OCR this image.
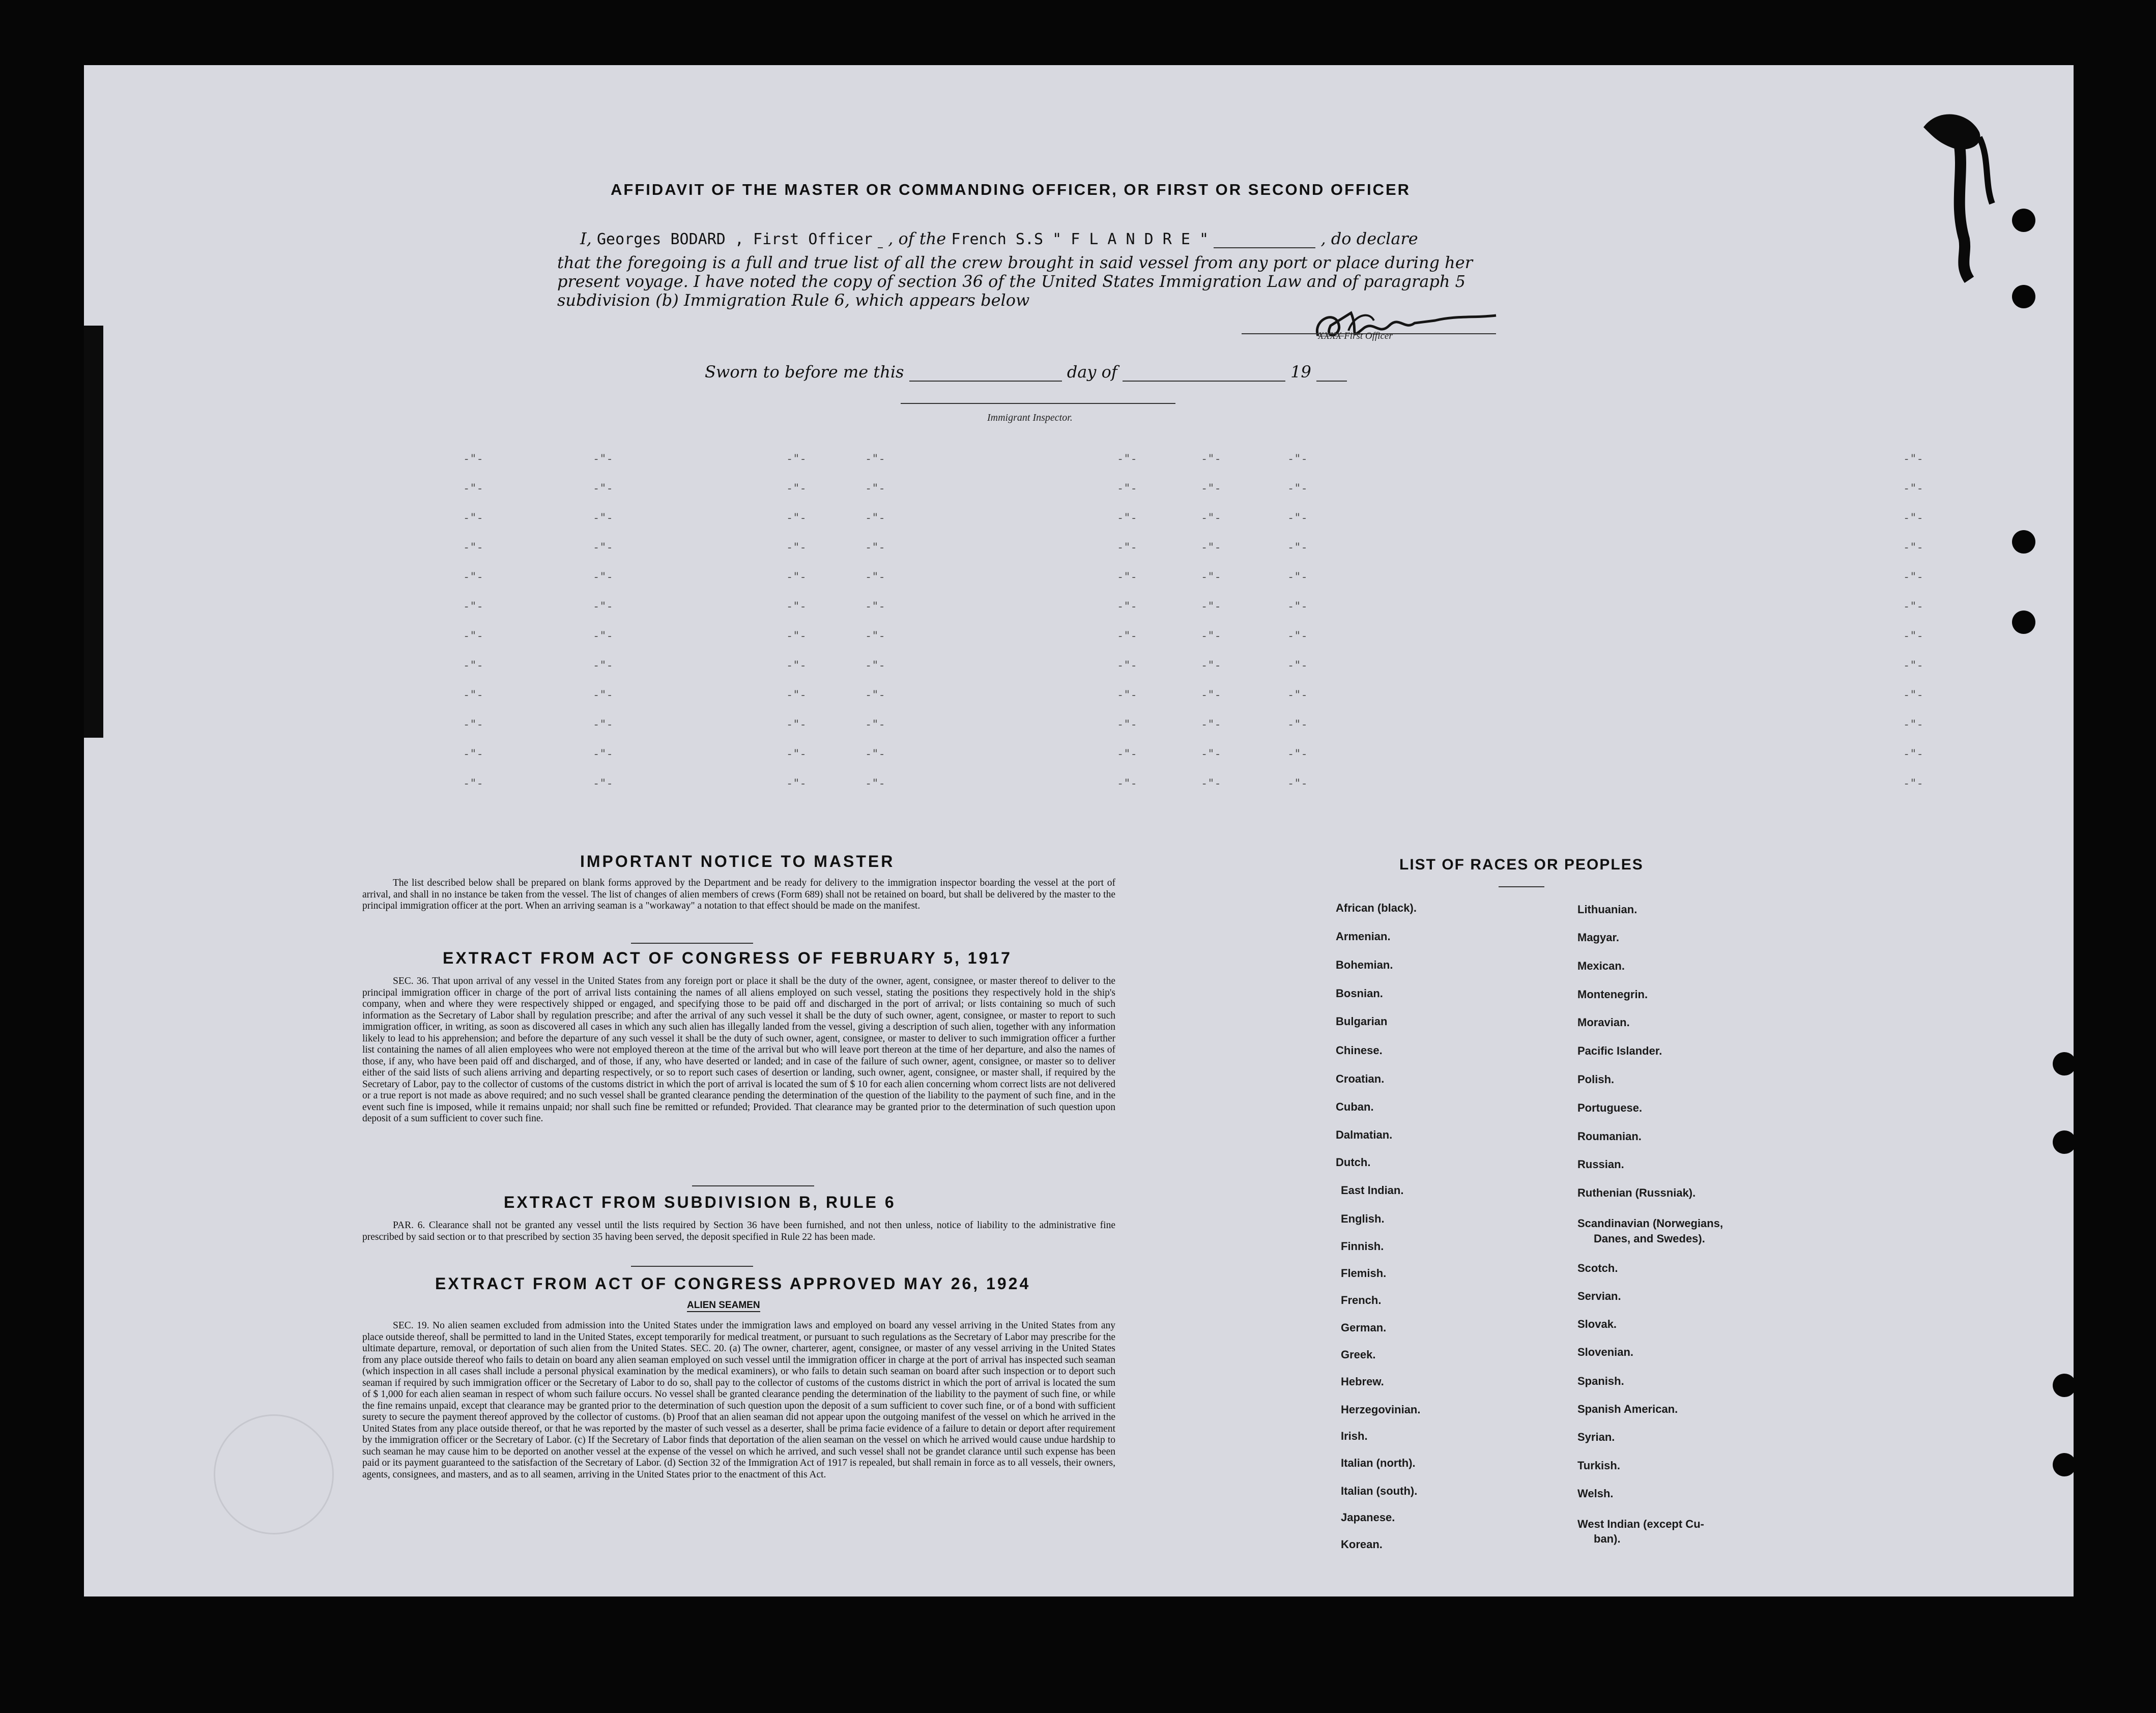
AFFIDAVIT OF THE MASTER OR COMMANDING OFFICER, OR FIRST OR SECOND OFFICER
I, Georges BODARD , First Officer , of the French S.S " F L A N D R E "	, do declare
that the foregoing is a full and true list of all the crew brought in said vessel from any port or place during her
present voyage. I have noted the copy of section 36 of the United States Immigration Law and of paragraph 5
subdivision (b) Immigration Rule 6, which appears below
XXXX First Officer
Sworn to before me this	day of	19
Immigrant Inspector.
-"-	-"-	-"-	-"-	-"-	-"-	-"-	-"-
-"-	-"-	-"-	-"-	-"-	-"-	-"-	-"-
-"-	-"-	-"-	-"-	-"-	-"-	-"-	-"-
-"-	-"-	-"-	-"-	-"-	-"-	-"-	-"-
-"-	-"-	-"-	-"-	-"-	-"-	-"-	-"-
-"-	-"-	-"-	-"-	-"-	-"-	-"-	-"-
-"-	-"-	-"-	-"-	-"-	-"-	-"-	-"-
-"-	-"-	-"-	-"-	-"-	-"-	-"-	-"-
-"-	-"-	-"-	-"-	-"-	-"-	-"-	-"-
-"-	-"-	-"-	-"-	-"-	-"-	-"-	-"-
-"-	-"-	-"-	-"-	-"-	-"-	-"-	-"-
-"-	-"-	-"-	-"-	-"-	-"-	-"-	-"-
IMPORTANT NOTICE TO MASTER
The list described below shall be prepared on blank forms approved by the Department and be ready for delivery to the immigration inspector boarding the vessel at the port of arrival, and shall in no instance be taken from the vessel. The list of changes of alien members of crews (Form 689) shall not be retained on board, but shall be delivered by the master to the principal immigration officer at the port. When an arriving seaman is a "workaway" a notation to that effect should be made on the manifest.
EXTRACT FROM ACT OF CONGRESS OF FEBRUARY 5, 1917
SEC. 36. That upon arrival of any vessel in the United States from any foreign port or place it shall be the duty of the owner, agent, consignee, or master thereof to deliver to the principal immigration officer in charge of the port of arrival lists containing the names of all aliens employed on such vessel, stating the positions they respectively hold in the ship's company, when and where they were respectively shipped or engaged, and specifying those to be paid off and discharged in the port of arrival; or lists containing so much of such information as the Secretary of Labor shall by regulation prescribe; and after the arrival of any such vessel it shall be the duty of such owner, agent, consignee, or master to report to such immigration officer, in writing, as soon as discovered all cases in which any such alien has illegally landed from the vessel, giving a description of such alien, together with any information likely to lead to his apprehension; and before the departure of any such vessel it shall be the duty of such owner, agent, consignee, or master to deliver to such immigration officer a further list containing the names of all alien employees who were not employed thereon at the time of the arrival but who will leave port thereon at the time of her departure, and also the names of those, if any, who have been paid off and discharged, and of those, if any, who have deserted or landed; and in case of the failure of such owner, agent, consignee, or master so to deliver either of the said lists of such aliens arriving and departing respectively, or so to report such cases of desertion or landing, such owner, agent, consignee, or master shall, if required by the Secretary of Labor, pay to the collector of customs of the customs district in which the port of arrival is located the sum of $ 10 for each alien concerning whom correct lists are not delivered or a true report is not made as above required; and no such vessel shall be granted clearance pending the determination of the question of the liability to the payment of such fine, and in the event such fine is imposed, while it remains unpaid; nor shall such fine be remitted or refunded; Provided. That clearance may be granted prior to the determination of such question upon deposit of a sum sufficient to cover such fine.
EXTRACT FROM SUBDIVISION B, RULE 6
PAR. 6. Clearance shall not be granted any vessel until the lists required by Section 36 have been furnished, and not then unless, notice of liability to the administrative fine prescribed by said section or to that prescribed by section 35 having been served, the deposit specified in Rule 22 has been made.
EXTRACT FROM ACT OF CONGRESS APPROVED MAY 26, 1924
ALIEN SEAMEN
SEC. 19. No alien seamen excluded from admission into the United States under the immigration laws and employed on board any vessel arriving in the United States from any place outside thereof, shall be permitted to land in the United States, except temporarily for medical treatment, or pursuant to such regulations as the Secretary of Labor may prescribe for the ultimate departure, removal, or deportation of such alien from the United States. SEC. 20. (a) The owner, charterer, agent, consignee, or master of any vessel arriving in the United States from any place outside thereof who fails to detain on board any alien seaman employed on such vessel until the immigration officer in charge at the port of arrival has inspected such seaman (which inspection in all cases shall include a personal physical examination by the medical examiners), or who fails to detain such seaman on board after such inspection or to deport such seaman if required by such immigration officer or the Secretary of Labor to do so, shall pay to the collector of customs of the customs district in which the port of arrival is located the sum of $ 1,000 for each alien seaman in respect of whom such failure occurs. No vessel shall be granted clearance pending the determination of the liability to the payment of such fine, or while the fine remains unpaid, except that clearance may be granted prior to the determination of such question upon the deposit of a sum sufficient to cover such fine, or of a bond with sufficient surety to secure the payment thereof approved by the collector of customs. (b) Proof that an alien seaman did not appear upon the outgoing manifest of the vessel on which he arrived in the United States from any place outside thereof, or that he was reported by the master of such vessel as a deserter, shall be prima facie evidence of a failure to detain or deport after requirement by the immigration officer or the Secretary of Labor. (c) If the Secretary of Labor finds that deportation of the alien seaman on the vessel on which he arrived would cause undue hardship to such seaman he may cause him to be deported on another vessel at the expense of the vessel on which he arrived, and such vessel shall not be grandet clarance until such expense has been paid or its payment guaranteed to the satisfaction of the Secretary of Labor. (d) Section 32 of the Immigration Act of 1917 is repealed, but shall remain in force as to all vessels, their owners, agents, consignees, and masters, and as to all seamen, arriving in the United States prior to the enactment of this Act.
LIST OF RACES OR PEOPLES
African (black).
Armenian.
Bohemian.
Bosnian.
Bulgarian
Chinese.
Croatian.
Cuban.
Dalmatian.
Dutch.
East Indian.
English.
Finnish.
Flemish.
French.
German.
Greek.
Hebrew.
Herzegovinian.
Irish.
Italian (north).
Italian (south).
Japanese.
Korean.
Lithuanian.
Magyar.
Mexican.
Montenegrin.
Moravian.
Pacific Islander.
Polish.
Portuguese.
Roumanian.
Russian.
Ruthenian (Russniak).
Scandinavian (Norwegians,
Danes, and Swedes).
Scotch.
Servian.
Slovak.
Slovenian.
Spanish.
Spanish American.
Syrian.
Turkish.
Welsh.
West Indian (except Cu-
ban).
